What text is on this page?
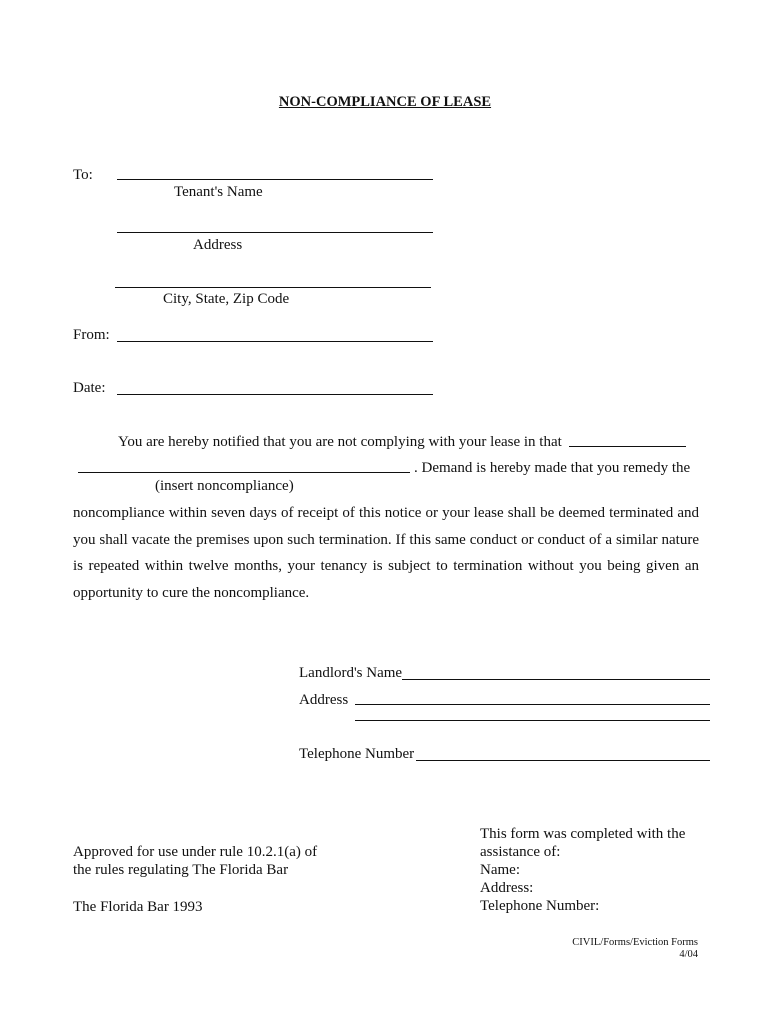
NON-COMPLIANCE OF LEASE
To:
Tenant's Name
Address
City, State, Zip Code
From:
Date:
You are hereby notified that you are not complying with your lease in that
. Demand is hereby made that you remedy the
(insert noncompliance)
noncompliance within seven days of receipt of this notice or your lease shall be deemed terminated and you shall vacate the premises upon such termination. If this same conduct or conduct of a similar nature is repeated within twelve months, your tenancy is subject to termination without you being given an opportunity to cure the noncompliance.
Landlord's Name
Address
Telephone Number
Approved for use under rule 10.2.1(a) of
the rules regulating The Florida Bar
The Florida Bar 1993
This form was completed with the
assistance of:
Name:
Address:
Telephone Number:
CIVIL/Forms/Eviction Forms
4/04
